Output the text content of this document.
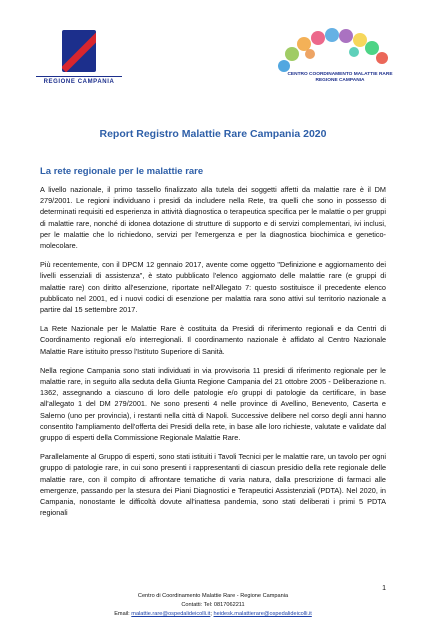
REGIONE CAMPANIA
CENTRO COORDINAMENTO MALATTIE RARE
REGIONE CAMPANIA
Report Registro Malattie Rare Campania 2020
La rete regionale per le malattie rare

A livello nazionale, il primo tassello finalizzato alla tutela dei soggetti affetti da malattie rare è il DM 279/2001. Le regioni individuano i presidi da includere nella Rete, tra quelli che sono in possesso di determinati requisiti ed esperienza in attività diagnostica o terapeutica specifica per le malattie o per gruppi di malattie rare, nonché di idonea dotazione di strutture di supporto e di servizi complementari, ivi inclusi, per le malattie che lo richiedono, servizi per l'emergenza e per la diagnostica biochimica e genetico-molecolare.

Più recentemente, con il DPCM 12 gennaio 2017, avente come oggetto "Definizione e aggiornamento dei livelli essenziali di assistenza", è stato pubblicato l'elenco aggiornato delle malattie rare (e gruppi di malattie rare) con diritto all'esenzione, riportate nell'Allegato 7: questo sostituisce il precedente elenco pubblicato nel 2001, ed i nuovi codici di esenzione per malattia rara sono attivi sul territorio nazionale a partire dal 15 settembre 2017.

La Rete Nazionale per le Malattie Rare è costituita da Presidi di riferimento regionali e da Centri di Coordinamento regionali e/o interregionali. Il coordinamento nazionale è affidato al Centro Nazionale Malattie Rare istituito presso l'Istituto Superiore di Sanità.

Nella regione Campania sono stati individuati in via provvisoria 11 presidi di riferimento regionale per le malattie rare, in seguito alla seduta della Giunta Regione Campania del 21 ottobre 2005 - Deliberazione n. 1362, assegnando a ciascuno di loro delle patologie e/o gruppi di patologie da certificare, in base all'allegato 1 del DM 279/2001. Ne sono presenti 4 nelle province di Avellino, Benevento, Caserta e Salerno (uno per provincia), i restanti nella città di Napoli. Successive delibere nel corso degli anni hanno consentito l'ampliamento dell'offerta dei Presidi della rete, in base alle loro richieste, valutate e validate dal gruppo di esperti della Commissione Regionale Malattie Rare.

Parallelamente al Gruppo di esperti, sono stati istituiti i Tavoli Tecnici per le malattie rare, un tavolo per ogni gruppo di patologie rare, in cui sono presenti i rappresentanti di ciascun presidio della rete regionale delle malattie rare, con il compito di affrontare tematiche di varia natura, dalla prescrizione di farmaci alle emergenze, passando per la stesura dei Piani Diagnostici e Terapeutici Assistenziali (PDTA). Nel 2020, in Campania, nonostante le difficoltà dovute all'inattesa pandemia, sono stati deliberati i primi 5 PDTA regionali

1
Centro di Coordinamento Malattie Rare - Regione Campania
Contatti: Tel: 0817062211
Email: malattie.rare@ospedalideicolli.it; heidesk.malattierare@ospedalideicolli.it
